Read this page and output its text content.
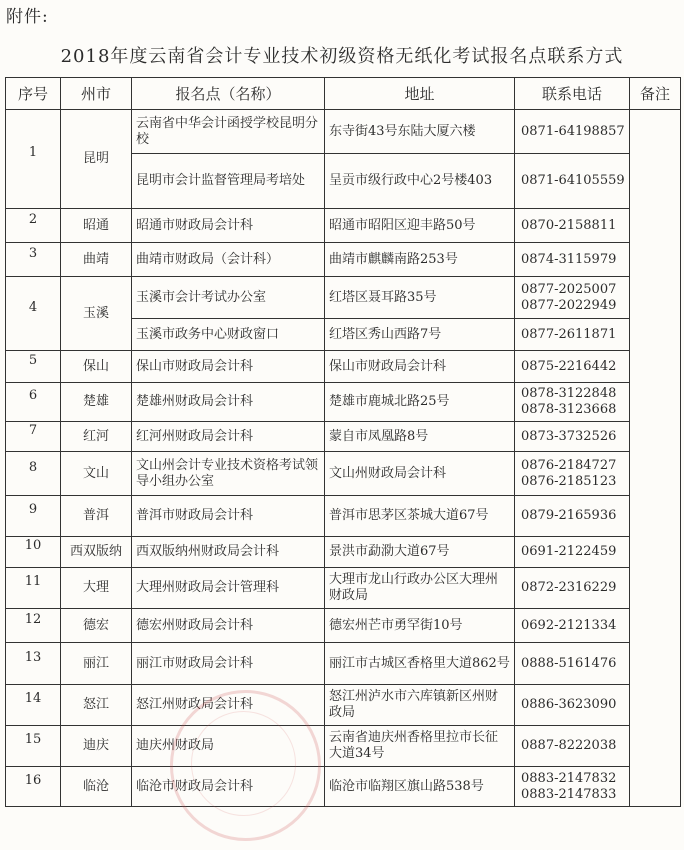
附件:
2018年度云南省会计专业技术初级资格无纸化考试报名点联系方式
序号	州市	报名点（名称）	地址	联系电话	备注
1	昆明	云南省中华会计函授学校昆明分校	东寺街43号东陆大厦六楼	0871-64198857	

		昆明市会计监督管理局考培处	呈贡市级行政中心2号楼403	0871-64105559	

2	昭通	昭通市财政局会计科	昭通市昭阳区迎丰路50号	0870-2158811	

3	曲靖	曲靖市财政局（会计科）	曲靖市麒麟南路253号	0874-3115979	

4	玉溪	玉溪市会计考试办公室	红塔区聂耳路35号	0877-2025007
0877-2022949	

		玉溪市政务中心财政窗口	红塔区秀山西路7号	0877-2611871	

5	保山	保山市财政局会计科	保山市财政局会计科	0875-2216442	

6	楚雄	楚雄州财政局会计科	楚雄市鹿城北路25号	0878-3122848
0878-3123668	

7	红河	红河州财政局会计科	蒙自市凤凰路8号	0873-3732526	

8	文山	文山州会计专业技术资格考试领导小组办公室	文山州财政局会计科	0876-2184727
0876-2185123	

9	普洱	普洱市财政局会计科	普洱市思茅区茶城大道67号	0879-2165936	

10	西双版纳	西双版纳州财政局会计科	景洪市勐泐大道67号	0691-2122459	

11	大理	大理州财政局会计管理科	大理市龙山行政办公区大理州财政局	0872-2316229	

12	德宏	德宏州财政局会计科	德宏州芒市勇罕街10号	0692-2121334	

13	丽江	丽江市财政局会计科	丽江市古城区香格里大道862号	0888-5161476	

14	怒江	怒江州财政局会计科	怒江州泸水市六库镇新区州财政局	0886-3623090	

15	迪庆	迪庆州财政局	云南省迪庆州香格里拉市长征大道34号	0887-8222038	

16	临沧	临沧市财政局会计科	临沧市临翔区旗山路538号	0883-2147832
0883-2147833	
